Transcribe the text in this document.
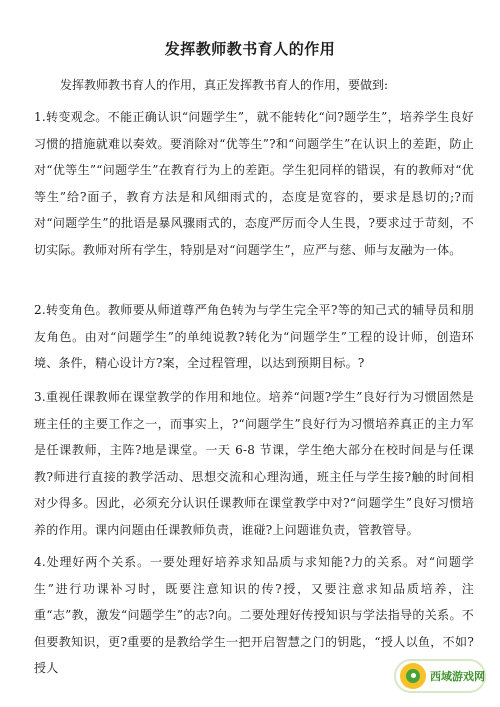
发挥教师教书育人的作用
发挥教师教书育人的作用，真正发挥教书育人的作用，要做到:
1.转变观念。不能正确认识“问题学生”，就不能转化“问?题学生”，培养学生良好习惯的措施就难以奏效。要消除对“优等生”?和“问题学生”在认识上的差距，防止对“优等生”“问题学生”在教育行为上的差距。学生犯同样的错误，有的教师对“优等生”给?面子，教育方法是和风细雨式的，态度是宽容的，要求是恳切的;?而对“问题学生”的批语是暴风骤雨式的，态度严厉而令人生畏，?要求过于苛刻，不切实际。教师对所有学生，特别是对“问题学生”，应严与慈、师与友融为一体。
2.转变角色。教师要从师道尊严角色转为与学生完全平?等的知己式的辅导员和朋友角色。由对“问题学生”的单纯说教?转化为“问题学生”工程的设计师，创造环境、条件，精心设计方?案，全过程管理，以达到预期目标。?
3.重视任课教师在课堂教学的作用和地位。培养“问题?学生”良好行为习惯固然是班主任的主要工作之一，而事实上，?“问题学生”良好行为习惯培养真正的主力军是任课教师，主阵?地是课堂。一天 6-8 节课，学生绝大部分在校时间是与任课教?师进行直接的教学活动、思想交流和心理沟通，班主任与学生接?触的时间相对少得多。因此，必须充分认识任课教师在课堂教学中对?“问题学生”良好习惯培养的作用。课内问题由任课教师负责，谁碰?上问题谁负责，管教管导。
4.处理好两个关系。一要处理好培养求知品质与求知能?力的关系。对“问题学生”进行功课补习时，既要注意知识的传?授，又要注意求知品质培养，注重“志”教，激发“问题学生”的志?向。二要处理好传授知识与学法指导的关系。不但要教知识，更?重要的是教给学生一把开启智慧之门的钥匙，“授人以鱼，不如?授人
西域游戏网
